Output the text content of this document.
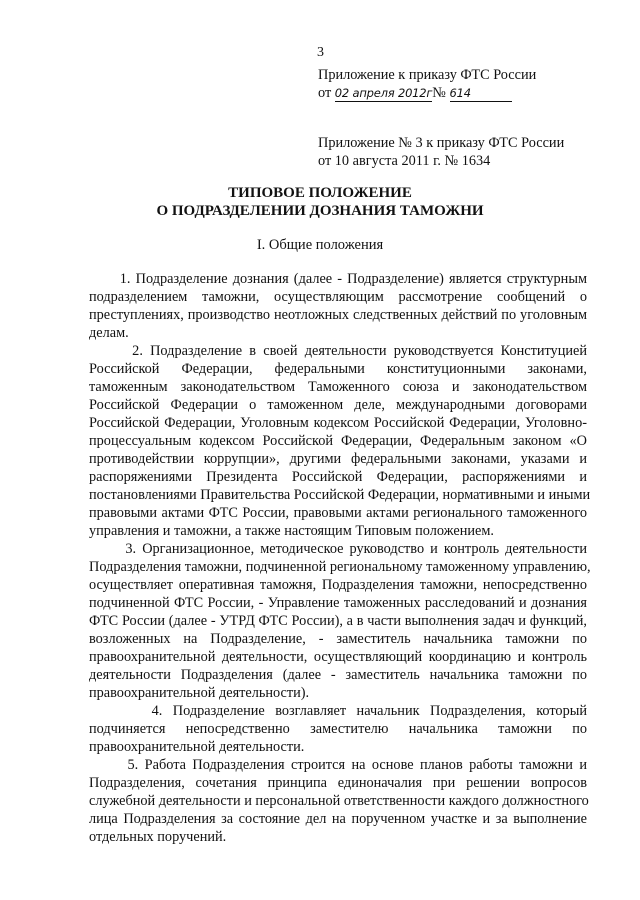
3
Приложение к приказу ФТС России
от 02 апреля 2012г№ 614
Приложение № 3 к приказу ФТС России
от 10 августа 2011 г. № 1634
ТИПОВОЕ ПОЛОЖЕНИЕ
О ПОДРАЗДЕЛЕНИИ ДОЗНАНИЯ ТАМОЖНИ
I. Общие положения
1. Подразделение дознания (далее - Подразделение) является структурным
подразделением таможни, осуществляющим рассмотрение сообщений о
преступлениях, производство неотложных следственных действий по уголовным
делам.
2. Подразделение в своей деятельности руководствуется Конституцией
Российской Федерации, федеральными конституционными законами,
таможенным законодательством Таможенного союза и законодательством
Российской Федерации о таможенном деле, международными договорами
Российской Федерации, Уголовным кодексом Российской Федерации, Уголовно-
процессуальным кодексом Российской Федерации, Федеральным законом «О
противодействии коррупции», другими федеральными законами, указами и
распоряжениями Президента Российской Федерации, распоряжениями и
постановлениями Правительства Российской Федерации, нормативными и иными
правовыми актами ФТС России, правовыми актами регионального таможенного
управления и таможни, а также настоящим Типовым положением.
3. Организационное, методическое руководство и контроль деятельности
Подразделения таможни, подчиненной региональному таможенному управлению,
осуществляет оперативная таможня, Подразделения таможни, непосредственно
подчиненной ФТС России, - Управление таможенных расследований и дознания
ФТС России (далее - УТРД ФТС России), а в части выполнения задач и функций,
возложенных на Подразделение, - заместитель начальника таможни по
правоохранительной деятельности, осуществляющий координацию и контроль
деятельности Подразделения (далее - заместитель начальника таможни по
правоохранительной деятельности).
4. Подразделение возглавляет начальник Подразделения, который
подчиняется непосредственно заместителю начальника таможни по
правоохранительной деятельности.
5. Работа Подразделения строится на основе планов работы таможни и
Подразделения, сочетания принципа единоначалия при решении вопросов
служебной деятельности и персональной ответственности каждого должностного
лица Подразделения за состояние дел на порученном участке и за выполнение
отдельных поручений.
